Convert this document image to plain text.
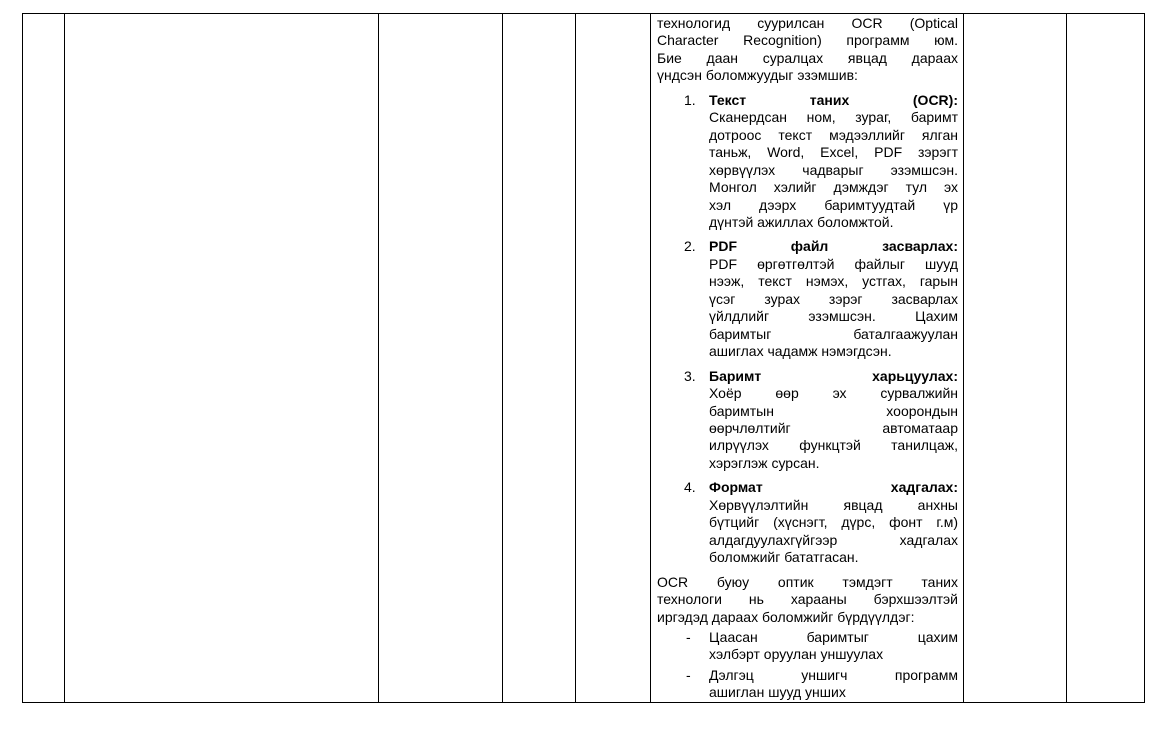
технологид суурилсан OCR (Optical
Character Recognition) программ юм.
Бие даан суралцах явцад дараах
үндсэн боломжуудыг эзэмшив:
1. Текст таних (OCR):
Сканердсан ном, зураг, баримт
дотроос текст мэдээллийг ялган
таньж, Word, Excel, PDF зэрэгт
хөрвүүлэх чадварыг эзэмшсэн.
Монгол хэлийг дэмждэг тул эх
хэл дээрх баримтуудтай үр
дүнтэй ажиллах боломжтой.
2. PDF файл засварлах:
PDF өргөтгөлтэй файлыг шууд
нээж, текст нэмэх, устгах, гарын
үсэг зурах зэрэг засварлах
үйлдлийг эзэмшсэн. Цахим
баримтыг баталгаажуулан
ашиглах чадамж нэмэгдсэн.
3. Баримт харьцуулах:
Хоёр өөр эх сурвалжийн
баримтын хоорондын
өөрчлөлтийг автоматаар
илрүүлэх функцтэй танилцаж,
хэрэглэж сурсан.
4. Формат хадгалах:
Хөрвүүлэлтийн явцад анхны
бүтцийг (хүснэгт, дүрс, фонт г.м)
алдагдуулахгүйгээр хадгалах
боломжийг бататгасан.
OCR буюу оптик тэмдэгт таних
технологи нь харааны бэрхшээлтэй
иргэдэд дараах боломжийг бүрдүүлдэг:
- Цаасан баримтыг цахим
хэлбэрт оруулан уншуулах
- Дэлгэц уншигч программ
ашиглан шууд унших
